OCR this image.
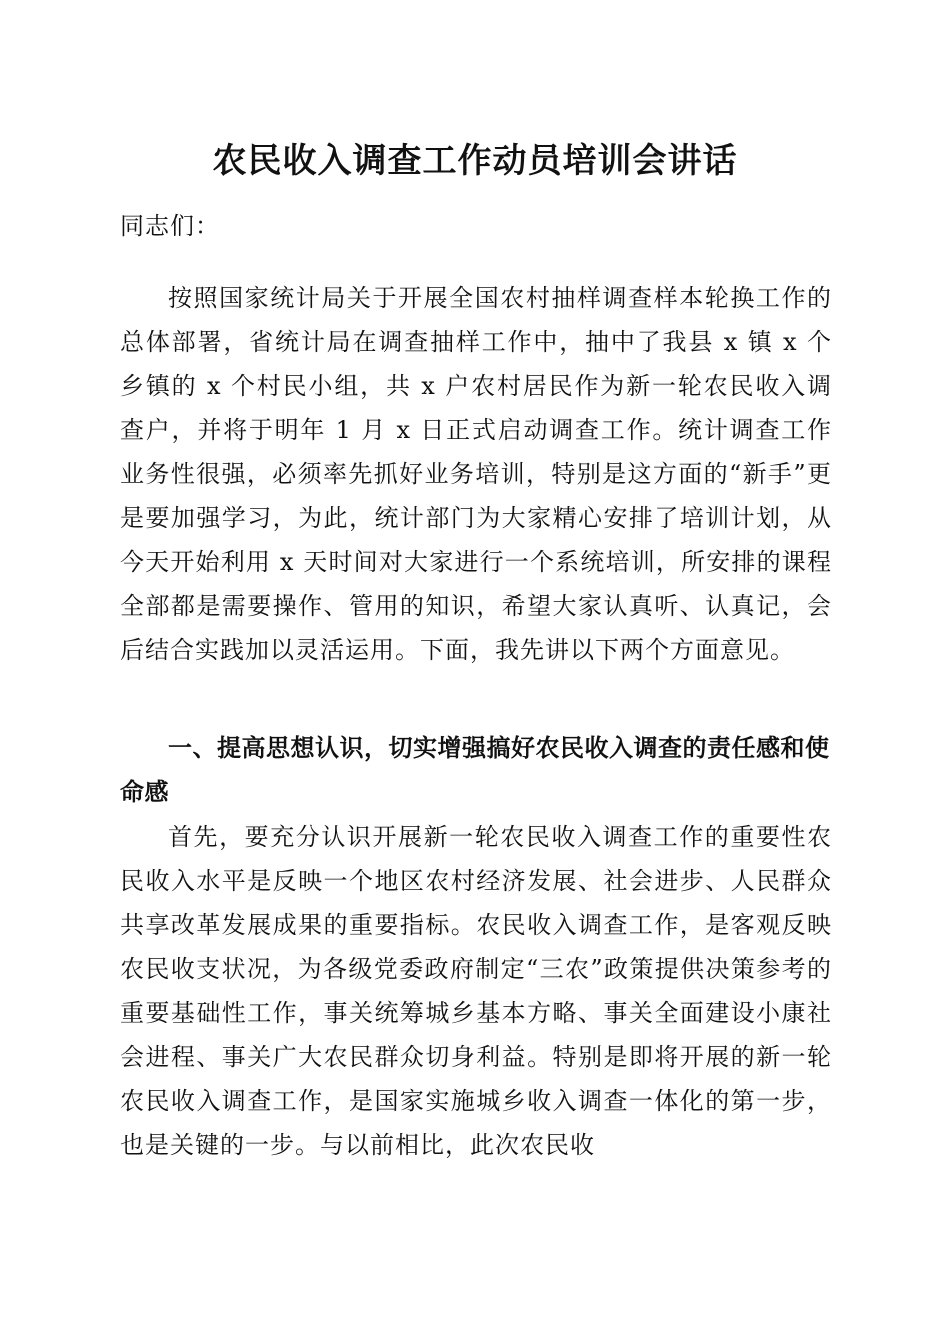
农民收入调查工作动员培训会讲话
同志们：

按照国家统计局关于开展全国农村抽样调查样本轮换工作的总体部署，省统计局在调查抽样工作中，抽中了我县 x 镇 x 个乡镇的 x 个村民小组，共 x 户农村居民作为新一轮农民收入调查户，并将于明年 1 月 x 日正式启动调查工作。统计调查工作业务性很强，必须率先抓好业务培训，特别是这方面的“新手”更是要加强学习，为此，统计部门为大家精心安排了培训计划，从今天开始利用 x 天时间对大家进行一个系统培训，所安排的课程全部都是需要操作、管用的知识，希望大家认真听、认真记，会后结合实践加以灵活运用。下面，我先讲以下两个方面意见。

一、提高思想认识，切实增强搞好农民收入调查的责任感和使命感

首先，要充分认识开展新一轮农民收入调查工作的重要性农民收入水平是反映一个地区农村经济发展、社会进步、人民群众共享改革发展成果的重要指标。农民收入调查工作，是客观反映农民收支状况，为各级党委政府制定“三农”政策提供决策参考的重要基础性工作，事关统筹城乡基本方略、事关全面建设小康社会进程、事关广大农民群众切身利益。特别是即将开展的新一轮农民收入调查工作，是国家实施城乡收入调查一体化的第一步，也是关键的一步。与以前相比，此次农民收
